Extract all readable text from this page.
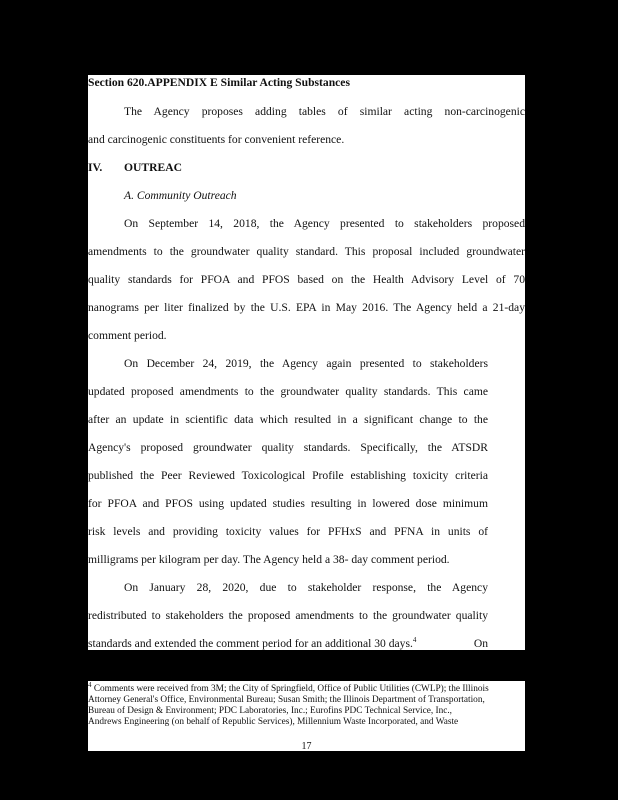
Section 620.APPENDIX E Similar Acting Substances
The Agency proposes adding tables of similar acting non-carcinogenic
and carcinogenic constituents for convenient reference.
IV. OUTREAC
A. Community Outreach
On September 14, 2018, the Agency presented to stakeholders proposed
amendments to the groundwater quality standard. This proposal included groundwater
quality standards for PFOA and PFOS based on the Health Advisory Level of 70
nanograms per liter finalized by the U.S. EPA in May 2016. The Agency held a 21-day
comment period.
On December 24, 2019, the Agency again presented to stakeholders
updated proposed amendments to the groundwater quality standards. This came
after an update in scientific data which resulted in a significant change to the
Agency's proposed groundwater quality standards. Specifically, the ATSDR
published the Peer Reviewed Toxicological Profile establishing toxicity criteria
for PFOA and PFOS using updated studies resulting in lowered dose minimum
risk levels and providing toxicity values for PFHxS and PFNA in units of
milligrams per kilogram per day. The Agency held a 38- day comment period.
On January 28, 2020, due to stakeholder response, the Agency
redistributed to stakeholders the proposed amendments to the groundwater quality
standards and extended the comment period for an additional 30 days.$^4$	On
$^4$ Comments were received from 3M; the City of Springfield, Office of Public Utilities (CWLP); the Illinois
Attorney General's Office, Environmental Bureau; Susan Smith; the Illinois Department of Transportation,
Bureau of Design & Environment; PDC Laboratories, Inc.; Eurofins PDC Technical Service, Inc.,
Andrews Engineering (on behalf of Republic Services), Millennium Waste Incorporated, and Waste
17
